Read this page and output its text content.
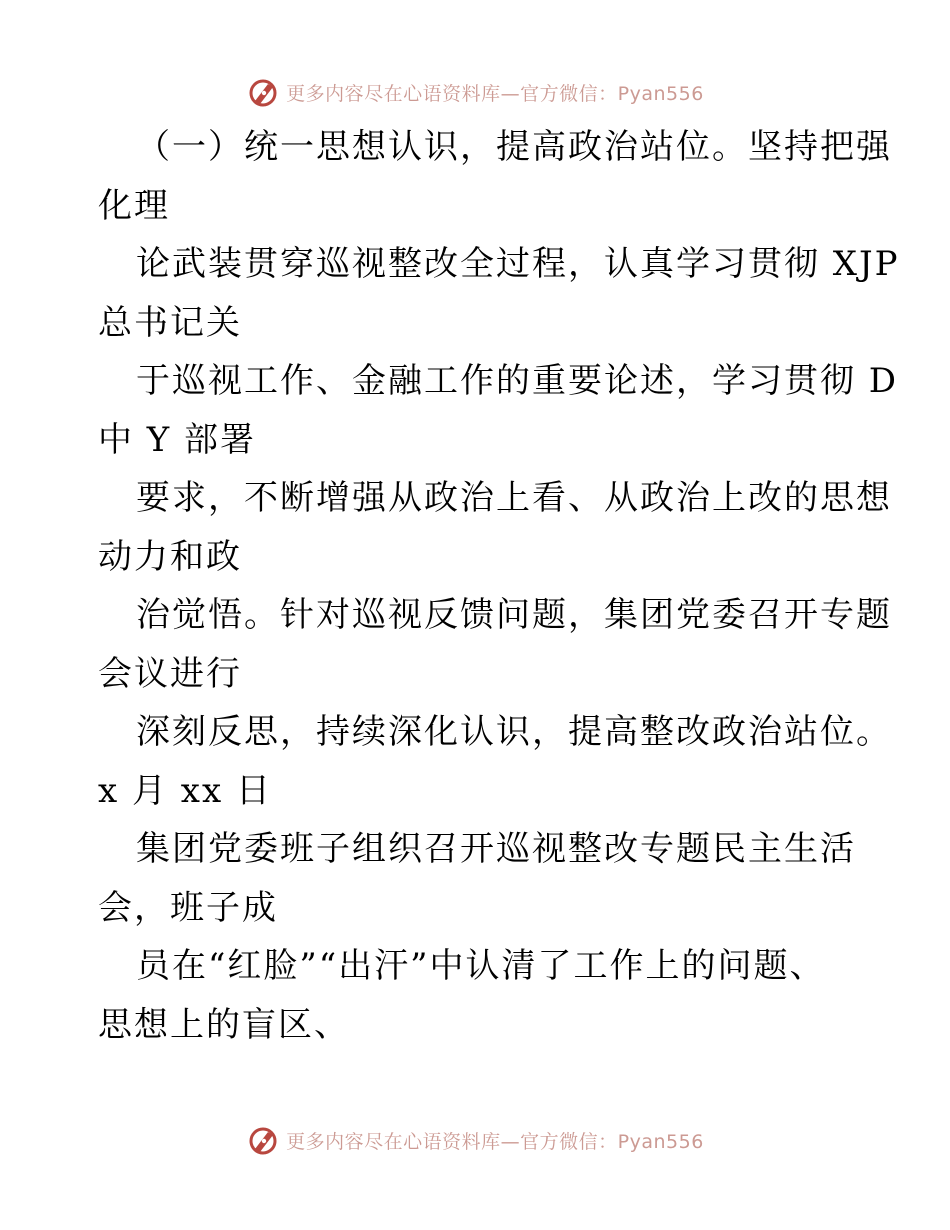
更多内容尽在心语资料库—官方微信：Pyan556
（一）统一思想认识，提高政治站位。坚持把强
化理
论武装贯穿巡视整改全过程，认真学习贯彻 XJP
总书记关
于巡视工作、金融工作的重要论述，学习贯彻 D
中 Y 部署
要求，不断增强从政治上看、从政治上改的思想
动力和政
治觉悟。针对巡视反馈问题，集团党委召开专题
会议进行
深刻反思，持续深化认识，提高整改政治站位。
x 月 xx 日
集团党委班子组织召开巡视整改专题民主生活
会，班子成
员在“红脸”“出汗”中认清了工作上的问题、
思想上的盲区、
更多内容尽在心语资料库—官方微信：Pyan556
